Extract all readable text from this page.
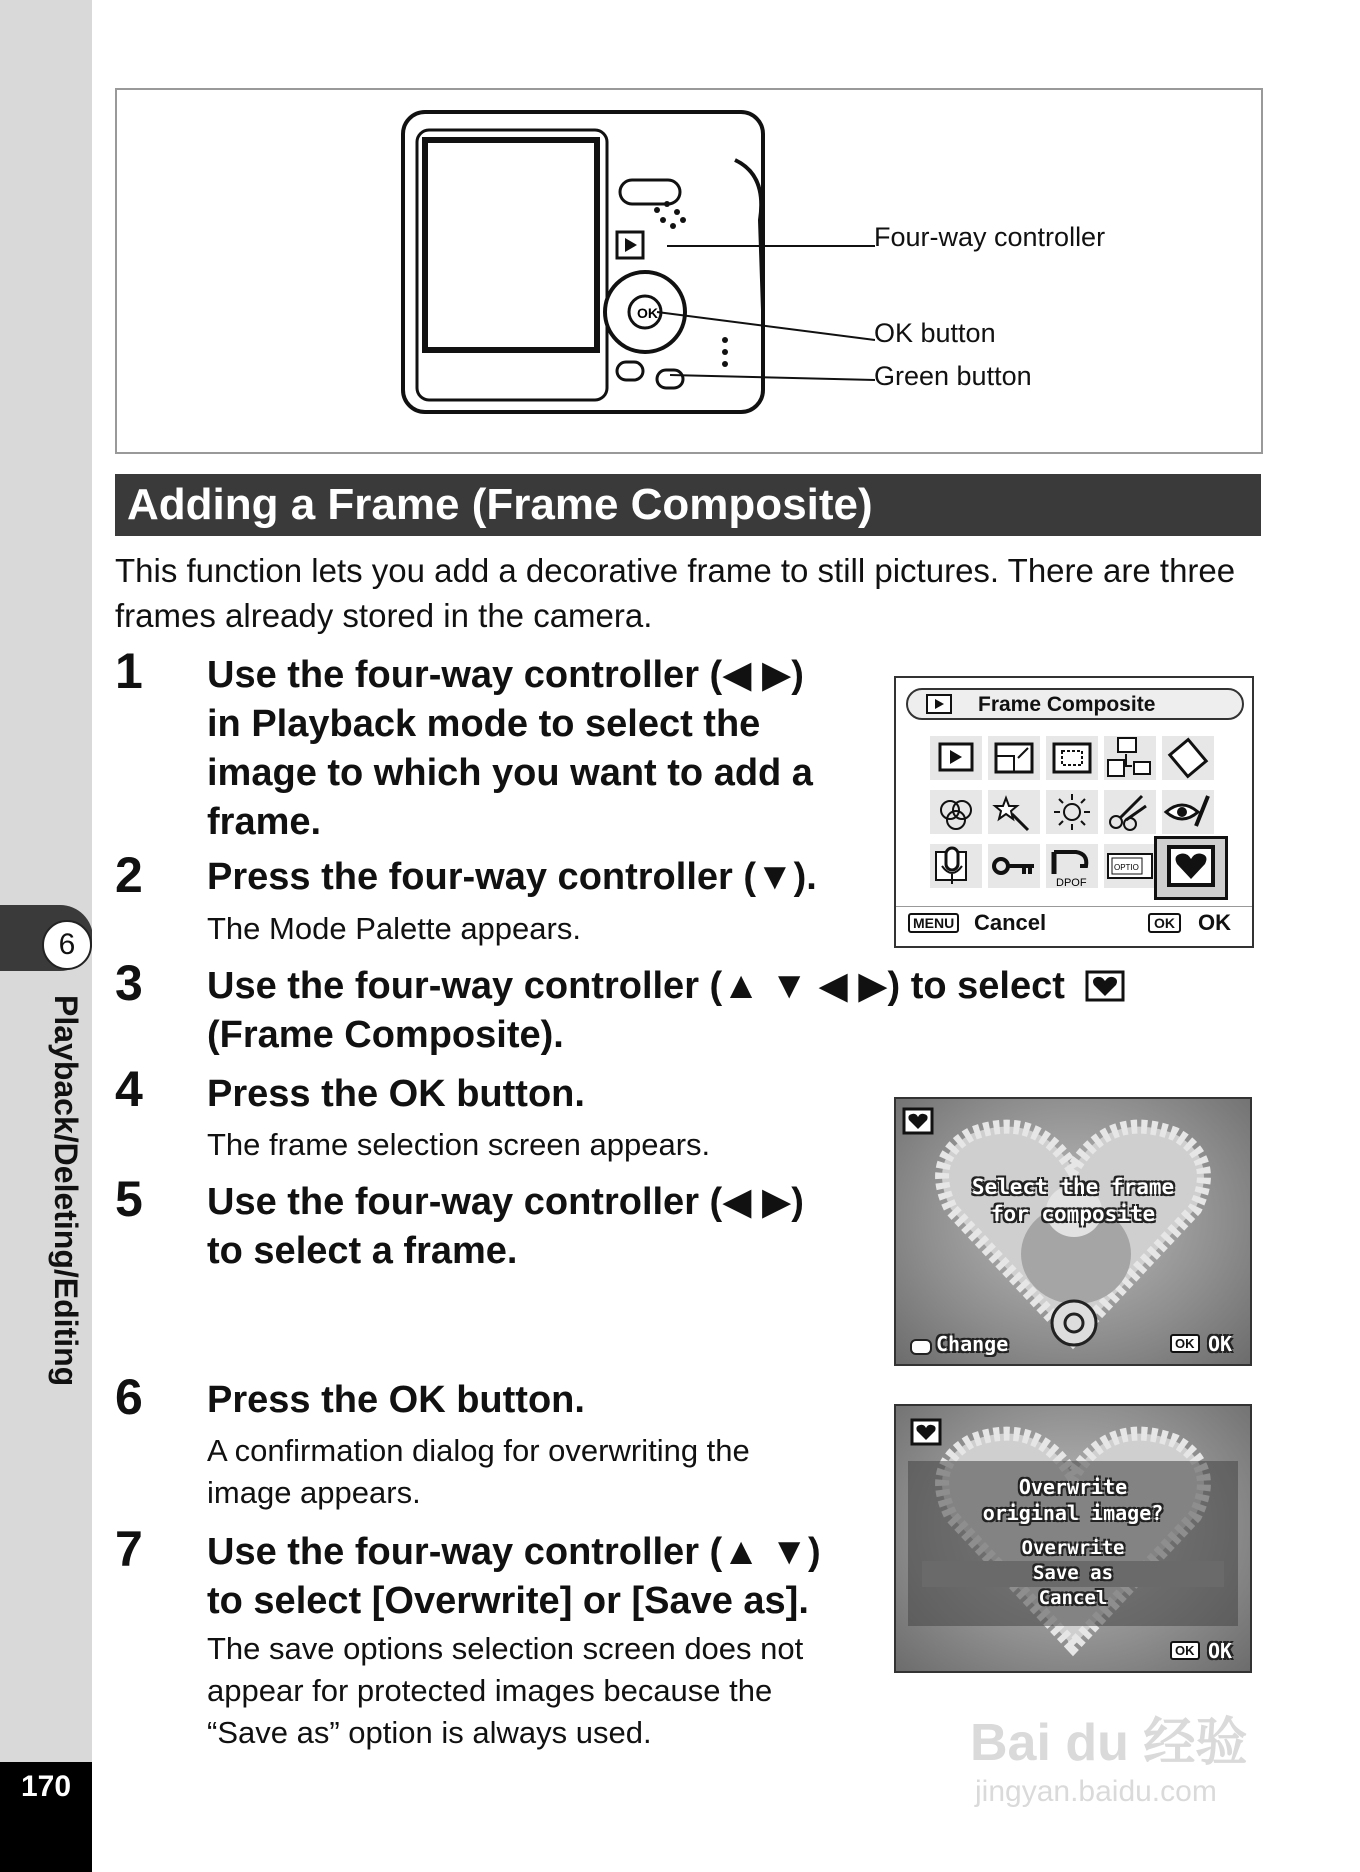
6
Playback/Deleting/Editing
170
OK
Four-way controller
OK button
Green button
Adding a Frame (Frame Composite)
This function lets you add a decorative frame to still pictures. There are three frames already stored in the camera.
1 Use the four-way controller (◀ ▶)
in Playback mode to select the
image to which you want to add a
frame.
2 Press the four-way controller (▼).
The Mode Palette appears.
3 Use the four-way controller (▲ ▼ ◀ ▶) to select
(Frame Composite).
4 Press the OK button.
The frame selection screen appears.
5 Use the four-way controller (◀ ▶)
to select a frame.
6 Press the OK button.
A confirmation dialog for overwriting the
image appears.
7 Use the four-way controller (▲ ▼)
to select [Overwrite] or [Save as].
The save options selection screen does not
appear for protected images because the
“Save as” option is always used.
Frame Composite
DPOF
OPTIO
MENU Cancel	OK OK
Select the frame
for composite
Change	OK OK
Overwrite
original image?
Overwrite
Save as
Cancel
OK OK
Bai du 经验
jingyan.baidu.com
